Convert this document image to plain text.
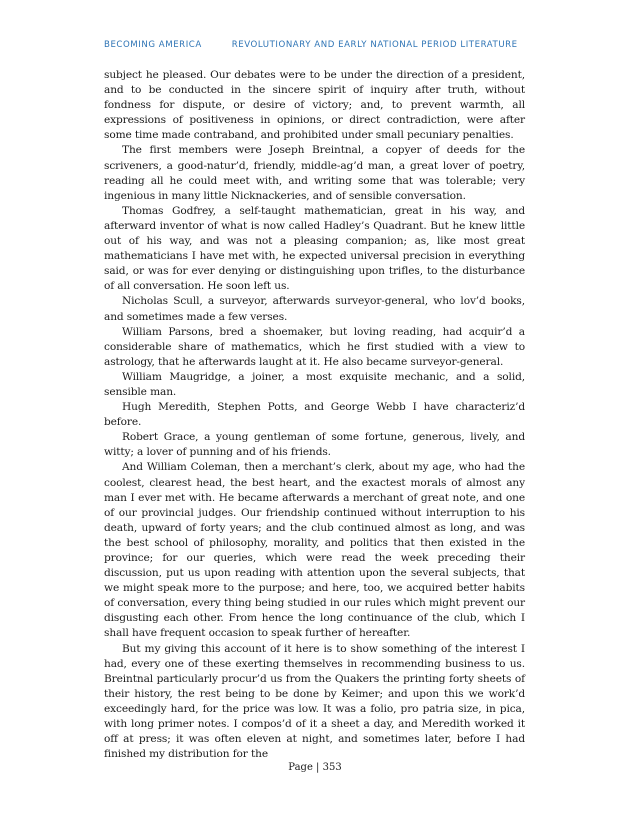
BECOMING AMERICA	REVOLUTIONARY AND EARLY NATIONAL PERIOD LITERATURE

subject he pleased. Our debates were to be under the direction of a president, and to be conducted in the sincere spirit of inquiry after truth, without fondness for dispute, or desire of victory; and, to prevent warmth, all expressions of positiveness in opinions, or direct contradiction, were after some time made contraband, and prohibited under small pecuniary penalties.

The first members were Joseph Breintnal, a copyer of deeds for the scriveners, a good-natur’d, friendly, middle-ag’d man, a great lover of poetry, reading all he could meet with, and writing some that was tolerable; very ingenious in many little Nicknackeries, and of sensible conversation.

Thomas Godfrey, a self-taught mathematician, great in his way, and afterward inventor of what is now called Hadley’s Quadrant. But he knew little out of his way, and was not a pleasing companion; as, like most great mathematicians I have met with, he expected universal precision in everything said, or was for ever denying or distinguishing upon trifles, to the disturbance of all conversation. He soon left us.

Nicholas Scull, a surveyor, afterwards surveyor-general, who lov’d books, and sometimes made a few verses.

William Parsons, bred a shoemaker, but loving reading, had acquir’d a considerable share of mathematics, which he first studied with a view to astrology, that he afterwards laught at it. He also became surveyor-general.

William Maugridge, a joiner, a most exquisite mechanic, and a solid, sensible man.

Hugh Meredith, Stephen Potts, and George Webb I have characteriz’d before.

Robert Grace, a young gentleman of some fortune, generous, lively, and witty; a lover of punning and of his friends.

And William Coleman, then a merchant’s clerk, about my age, who had the coolest, clearest head, the best heart, and the exactest morals of almost any man I ever met with. He became afterwards a merchant of great note, and one of our provincial judges. Our friendship continued without interruption to his death, upward of forty years; and the club continued almost as long, and was the best school of philosophy, morality, and politics that then existed in the province; for our queries, which were read the week preceding their discussion, put us upon reading with attention upon the several subjects, that we might speak more to the purpose; and here, too, we acquired better habits of conversation, every thing being studied in our rules which might prevent our disgusting each other. From hence the long continuance of the club, which I shall have frequent occasion to speak further of hereafter.

But my giving this account of it here is to show something of the interest I had, every one of these exerting themselves in recommending business to us. Breintnal particularly procur’d us from the Quakers the printing forty sheets of their history, the rest being to be done by Keimer; and upon this we work’d exceedingly hard, for the price was low. It was a folio, pro patria size, in pica, with long primer notes. I compos’d of it a sheet a day, and Meredith worked it off at press; it was often eleven at night, and sometimes later, before I had finished my distribution for the

Page | 353
